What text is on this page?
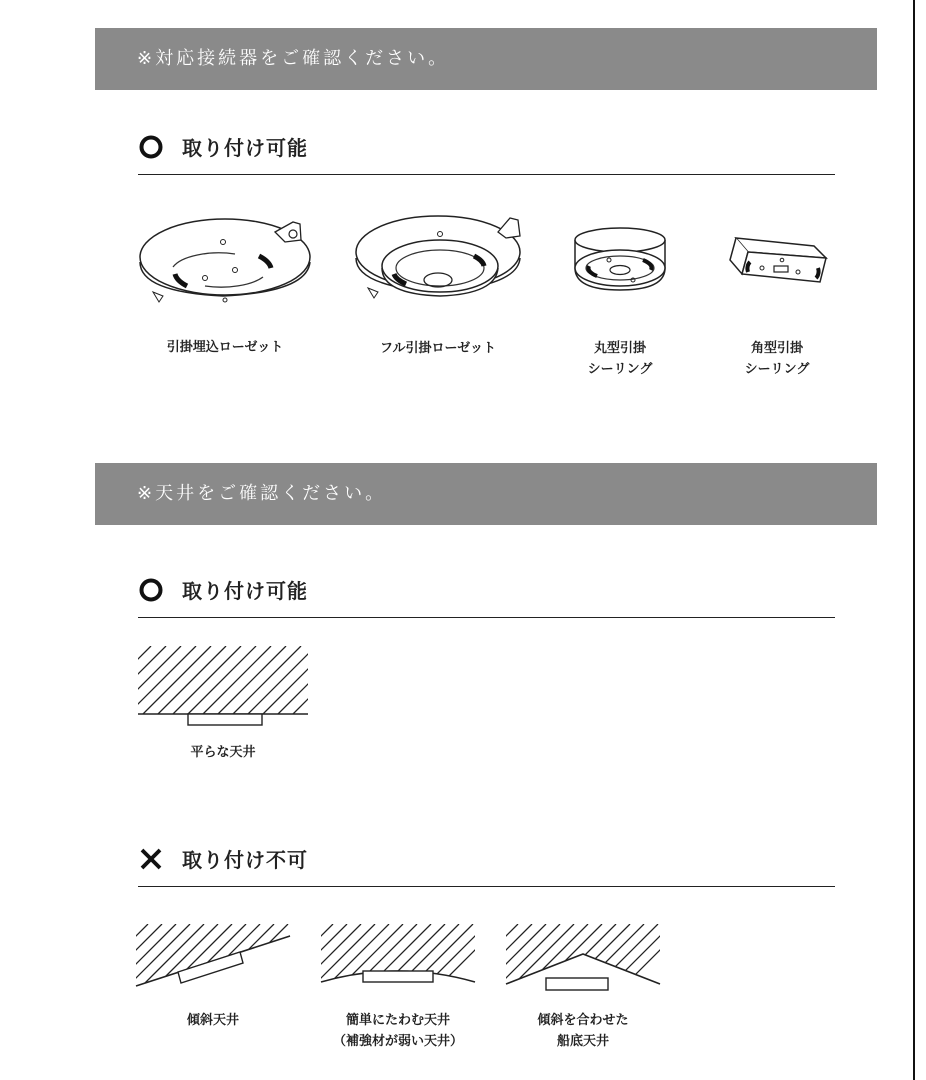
※対応接続器をご確認ください。
取り付け可能
引掛埋込ローゼット	フル引掛ローゼット	丸型引掛
シーリング
角型引掛
シーリング
※天井をご確認ください。
取り付け可能
平らな天井
取り付け不可
傾斜天井	簡単にたわむ天井
（補強材が弱い天井）
傾斜を合わせた
船底天井
